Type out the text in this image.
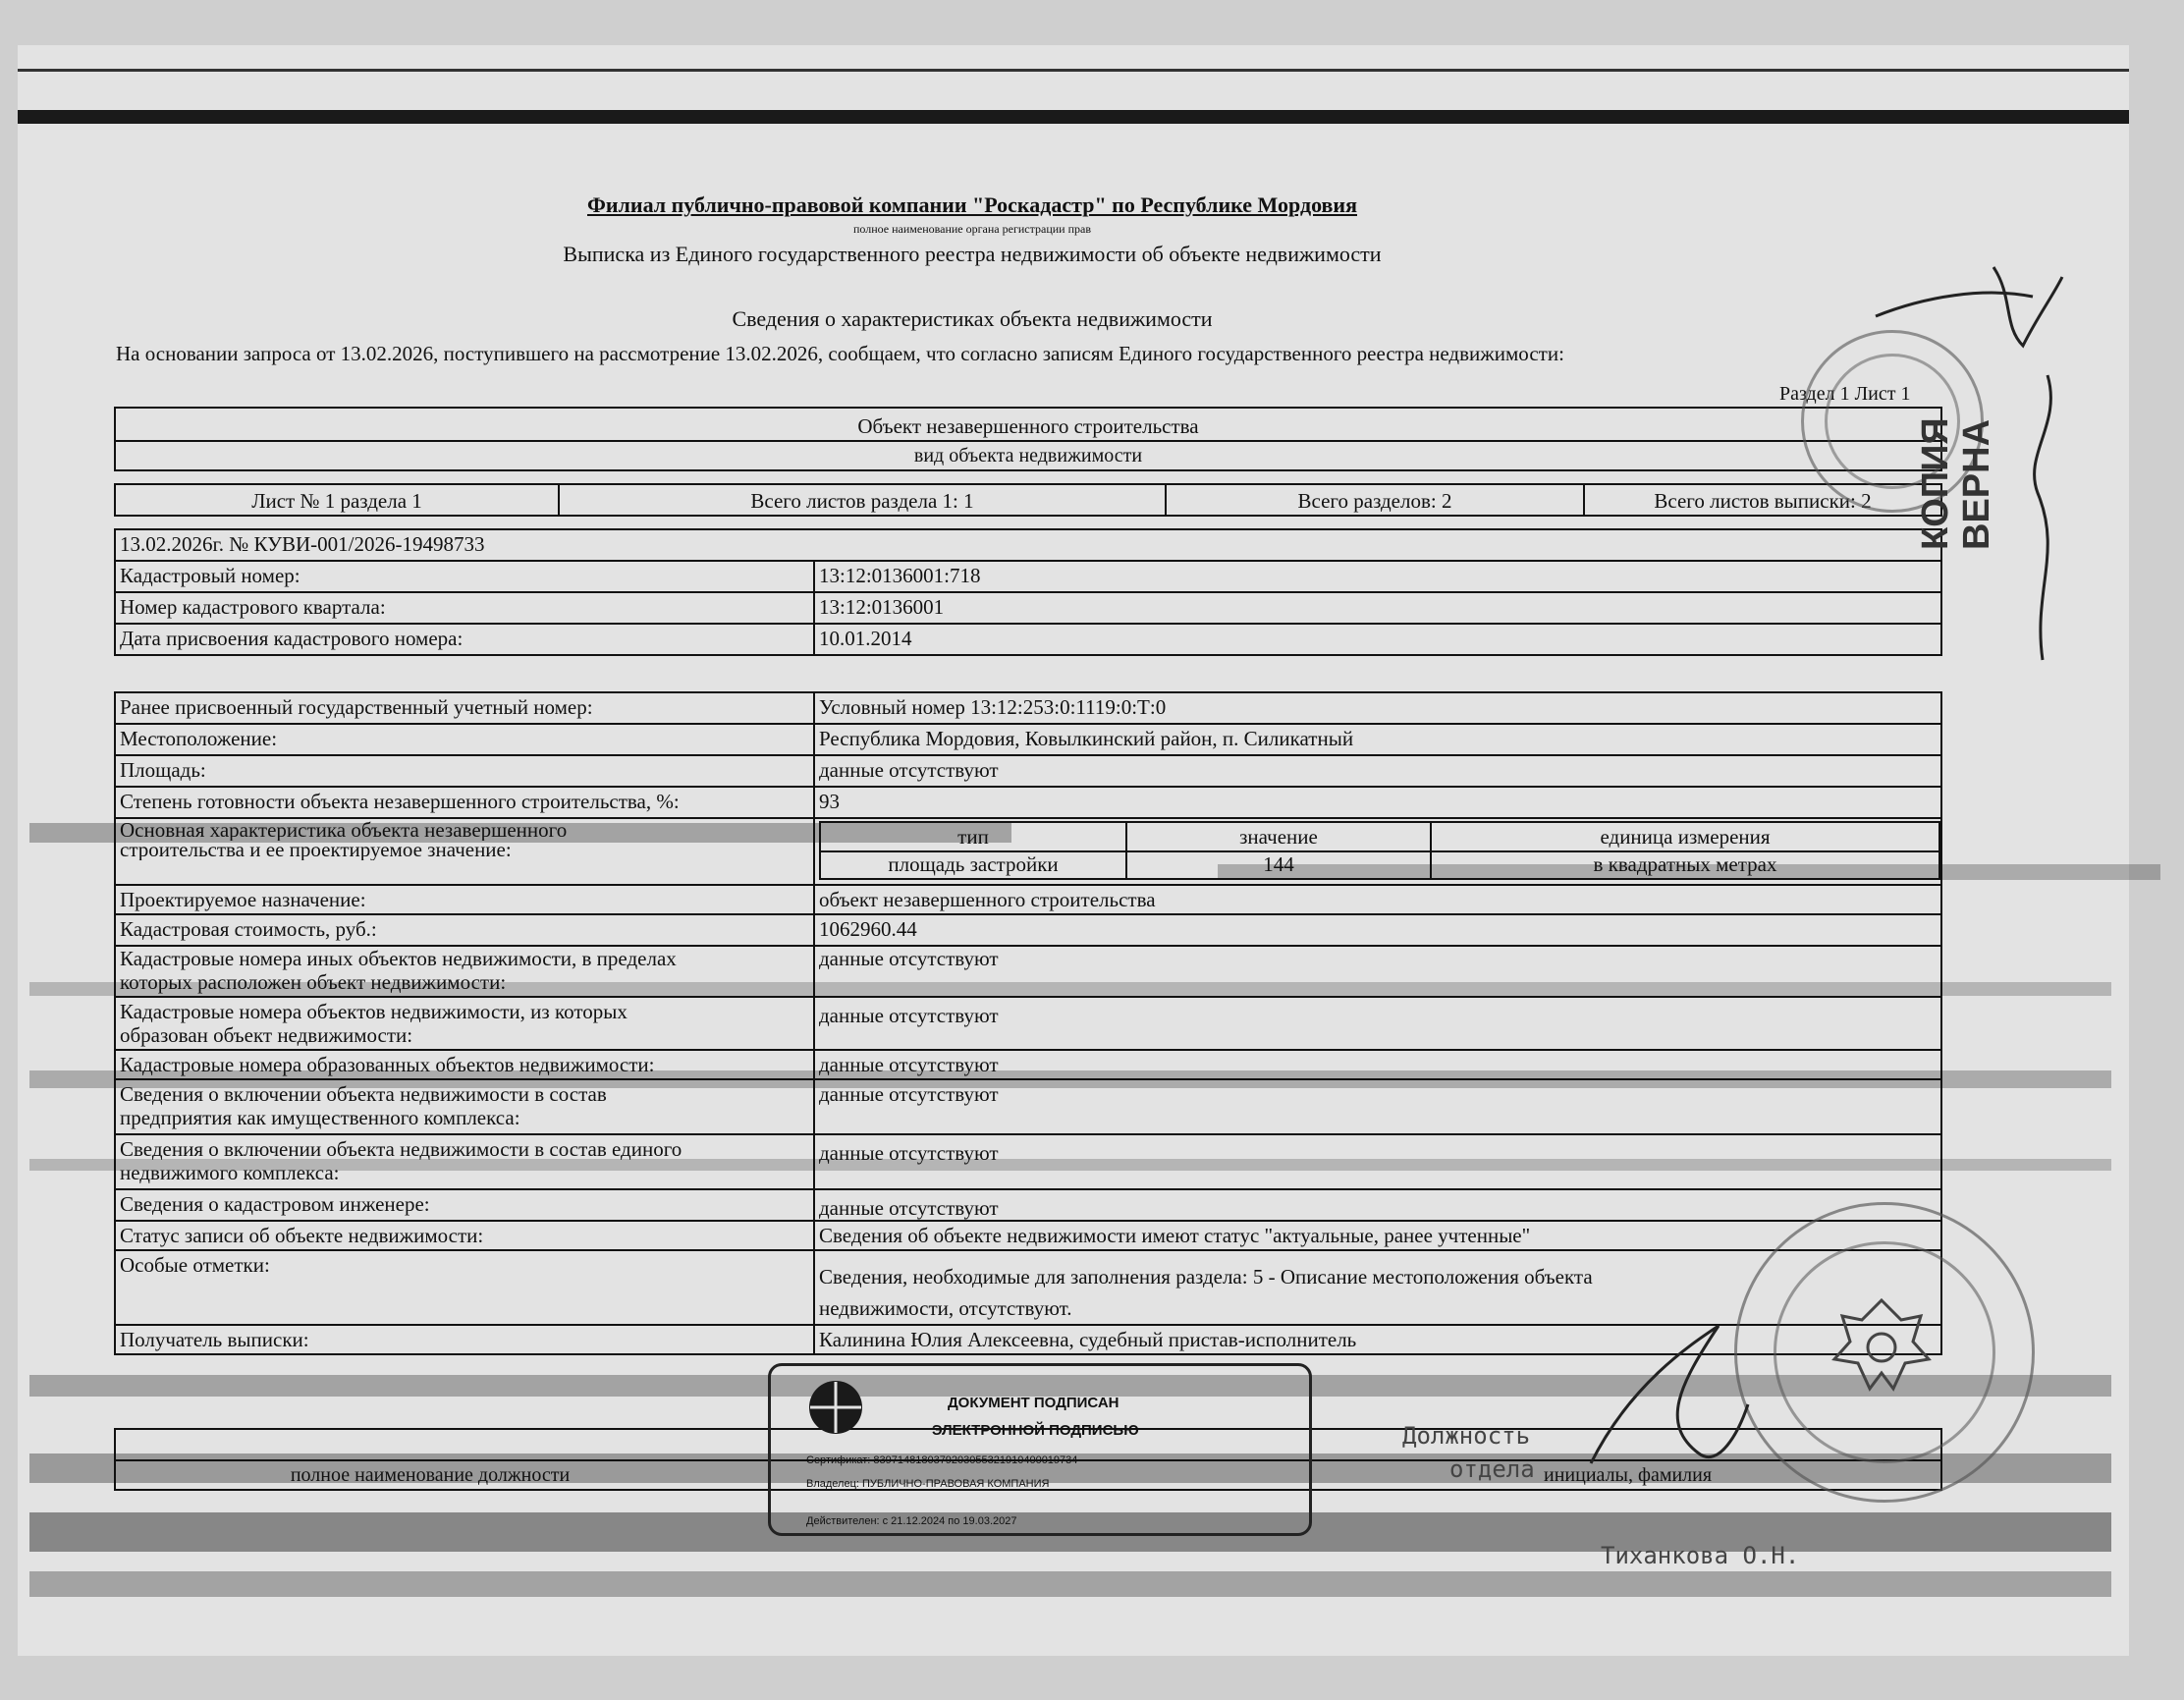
Филиал публично-правовой компании "Роскадастр" по Республике Мордовия
полное наименование органа регистрации прав
Выписка из Единого государственного реестра недвижимости об объекте недвижимости
Сведения о характеристиках объекта недвижимости
На основании запроса от 13.02.2026, поступившего на рассмотрение 13.02.2026, сообщаем, что согласно записям Единого государственного реестра недвижимости:
Раздел 1 Лист 1
Объект незавершенного строительства
вид объекта недвижимости
Лист № 1 раздела 1	Всего листов раздела 1: 1	Всего разделов: 2	Всего листов выписки: 2
13.02.2026г. № КУВИ-001/2026-19498733
Кадастровый номер:	13:12:0136001:718
Номер кадастрового квартала:	13:12:0136001
Дата присвоения кадастрового номера:	10.01.2014
Ранее присвоенный государственный учетный номер:	Условный номер 13:12:253:0:1119:0:Т:0
Местоположение:	Республика Мордовия, Ковылкинский район, п. Силикатный
Площадь:	данные отсутствуют
Степень готовности объекта незавершенного строительства, %:	93
Основная характеристика объекта незавершенного
строительства и ее проектируемое значение:
тип	значение	единица измерения
площадь застройки	144	в квадратных метрах
Проектируемое назначение:	объект незавершенного строительства
Кадастровая стоимость, руб.:	1062960.44
Кадастровые номера иных объектов недвижимости, в пределах
которых расположен объект недвижимости:
данные отсутствуют
Кадастровые номера объектов недвижимости, из которых
образован объект недвижимости:
данные отсутствуют
Кадастровые номера образованных объектов недвижимости:	данные отсутствуют
Сведения о включении объекта недвижимости в состав
предприятия как имущественного комплекса:
данные отсутствуют
Сведения о включении объекта недвижимости в состав единого
недвижимого комплекса:
данные отсутствуют
Сведения о кадастровом инженере:	данные отсутствуют
Статус записи об объекте недвижимости:	Сведения об объекте недвижимости имеют статус "актуальные, ранее учтенные"
Особые отметки:	Сведения, необходимые для заполнения раздела: 5 - Описание местоположения объекта
недвижимости, отсутствуют.
Получатель выписки:	Калинина Юлия Алексеевна, судебный пристав-исполнитель
полное наименование должности	инициалы, фамилия
ДОКУМЕНТ ПОДПИСАН
ЭЛЕКТРОННОЙ ПОДПИСЬЮ
Сертификат: 8397148180379203055321910400019734
Владелец: ПУБЛИЧНО-ПРАВОВАЯ КОМПАНИЯ
Действителен: с 21.12.2024 по 19.03.2027
Должность
отдела
Тиханкова О.Н.
КОПИЯ ВЕРНА
